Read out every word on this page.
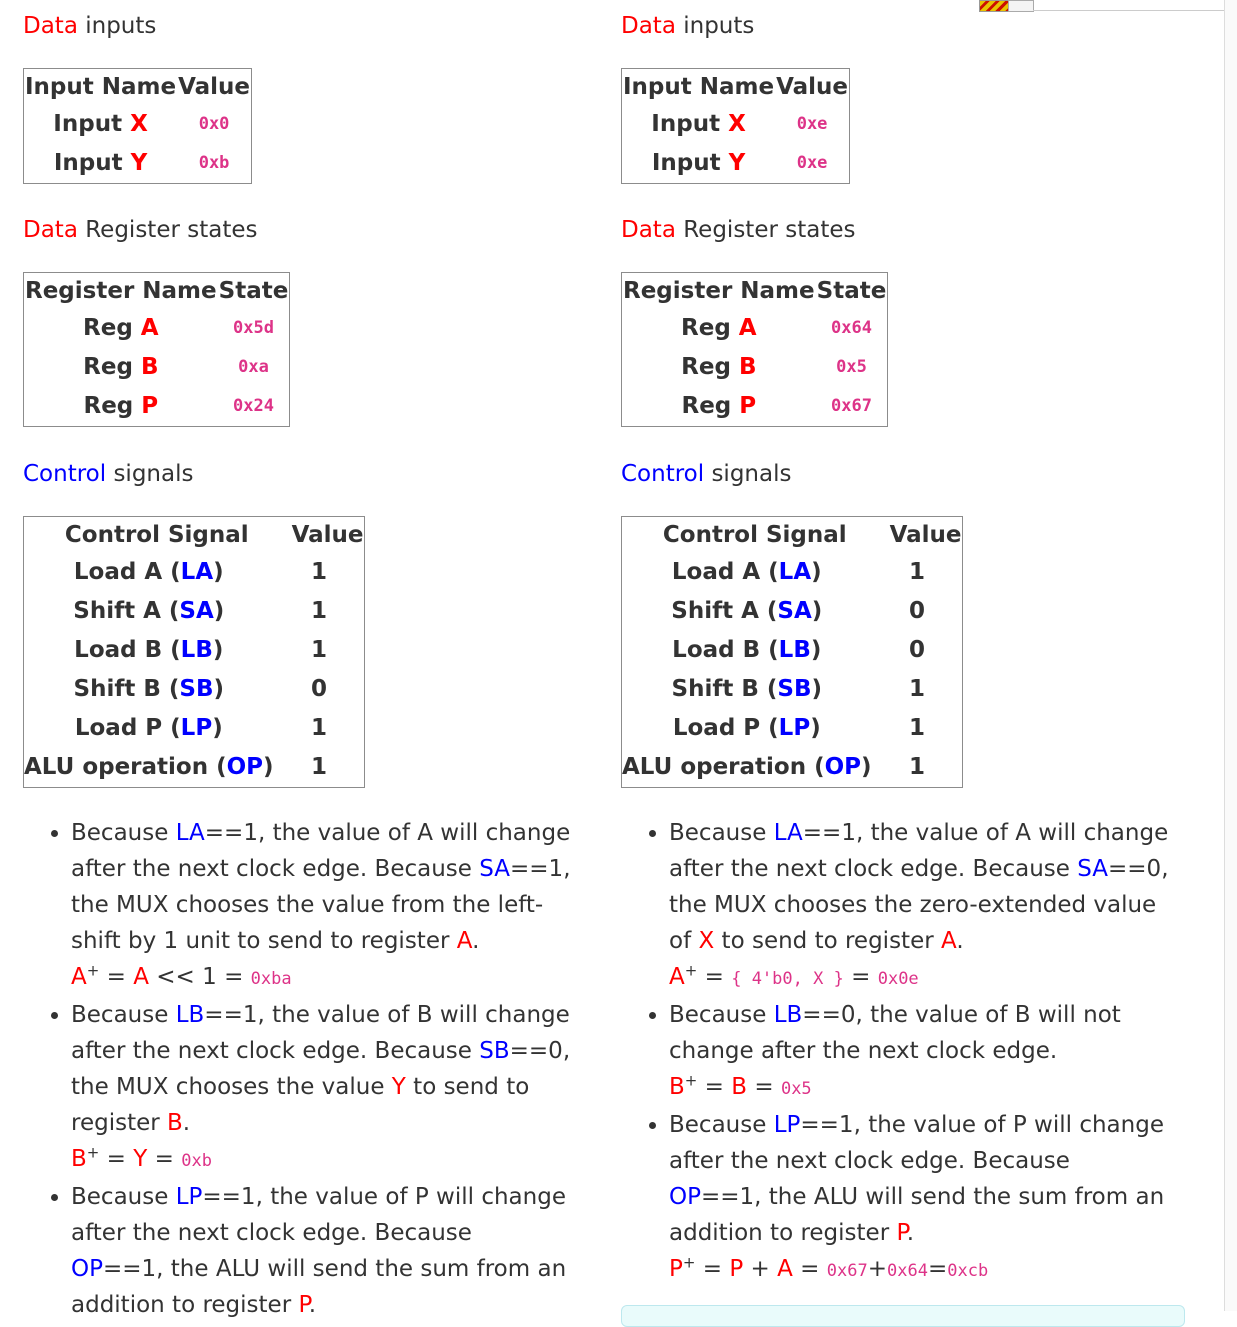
Data inputs

Input Name	Value
Input X	0x0
Input Y	0xb

Data Register states

Register Name	State
Reg A	0x5d
Reg B	0xa
Reg P	0x24

Control signals

Control Signal	Value
Load A (LA)	1
Shift A (SA)	1
Load B (LB)	1
Shift B (SB)	0
Load P (LP)	1
ALU operation (OP)	1
• Because LA==1, the value of A will change after the next clock edge. Because SA==1, the MUX chooses the value from the left-shift by 1 unit to send to register A.
A+ = A << 1 = 0xba
• Because LB==1, the value of B will change after the next clock edge. Because SB==0, the MUX chooses the value Y to send to register B.
B+ = Y = 0xb
• Because LP==1, the value of P will change after the next clock edge. Because OP==1, the ALU will send the sum from an addition to register P.

Data inputs

Input Name	Value
Input X	0xe
Input Y	0xe

Data Register states

Register Name	State
Reg A	0x64
Reg B	0x5
Reg P	0x67

Control signals

Control Signal	Value
Load A (LA)	1
Shift A (SA)	0
Load B (LB)	0
Shift B (SB)	1
Load P (LP)	1
ALU operation (OP)	1
• Because LA==1, the value of A will change after the next clock edge. Because SA==0, the MUX chooses the zero-extended value of X to send to register A.
A+ = { 4'b0, X } = 0x0e
• Because LB==0, the value of B will not change after the next clock edge.
B+ = B = 0x5
• Because LP==1, the value of P will change after the next clock edge. Because OP==1, the ALU will send the sum from an addition to register P.
P+ = P + A = 0x67+0x64=0xcb
